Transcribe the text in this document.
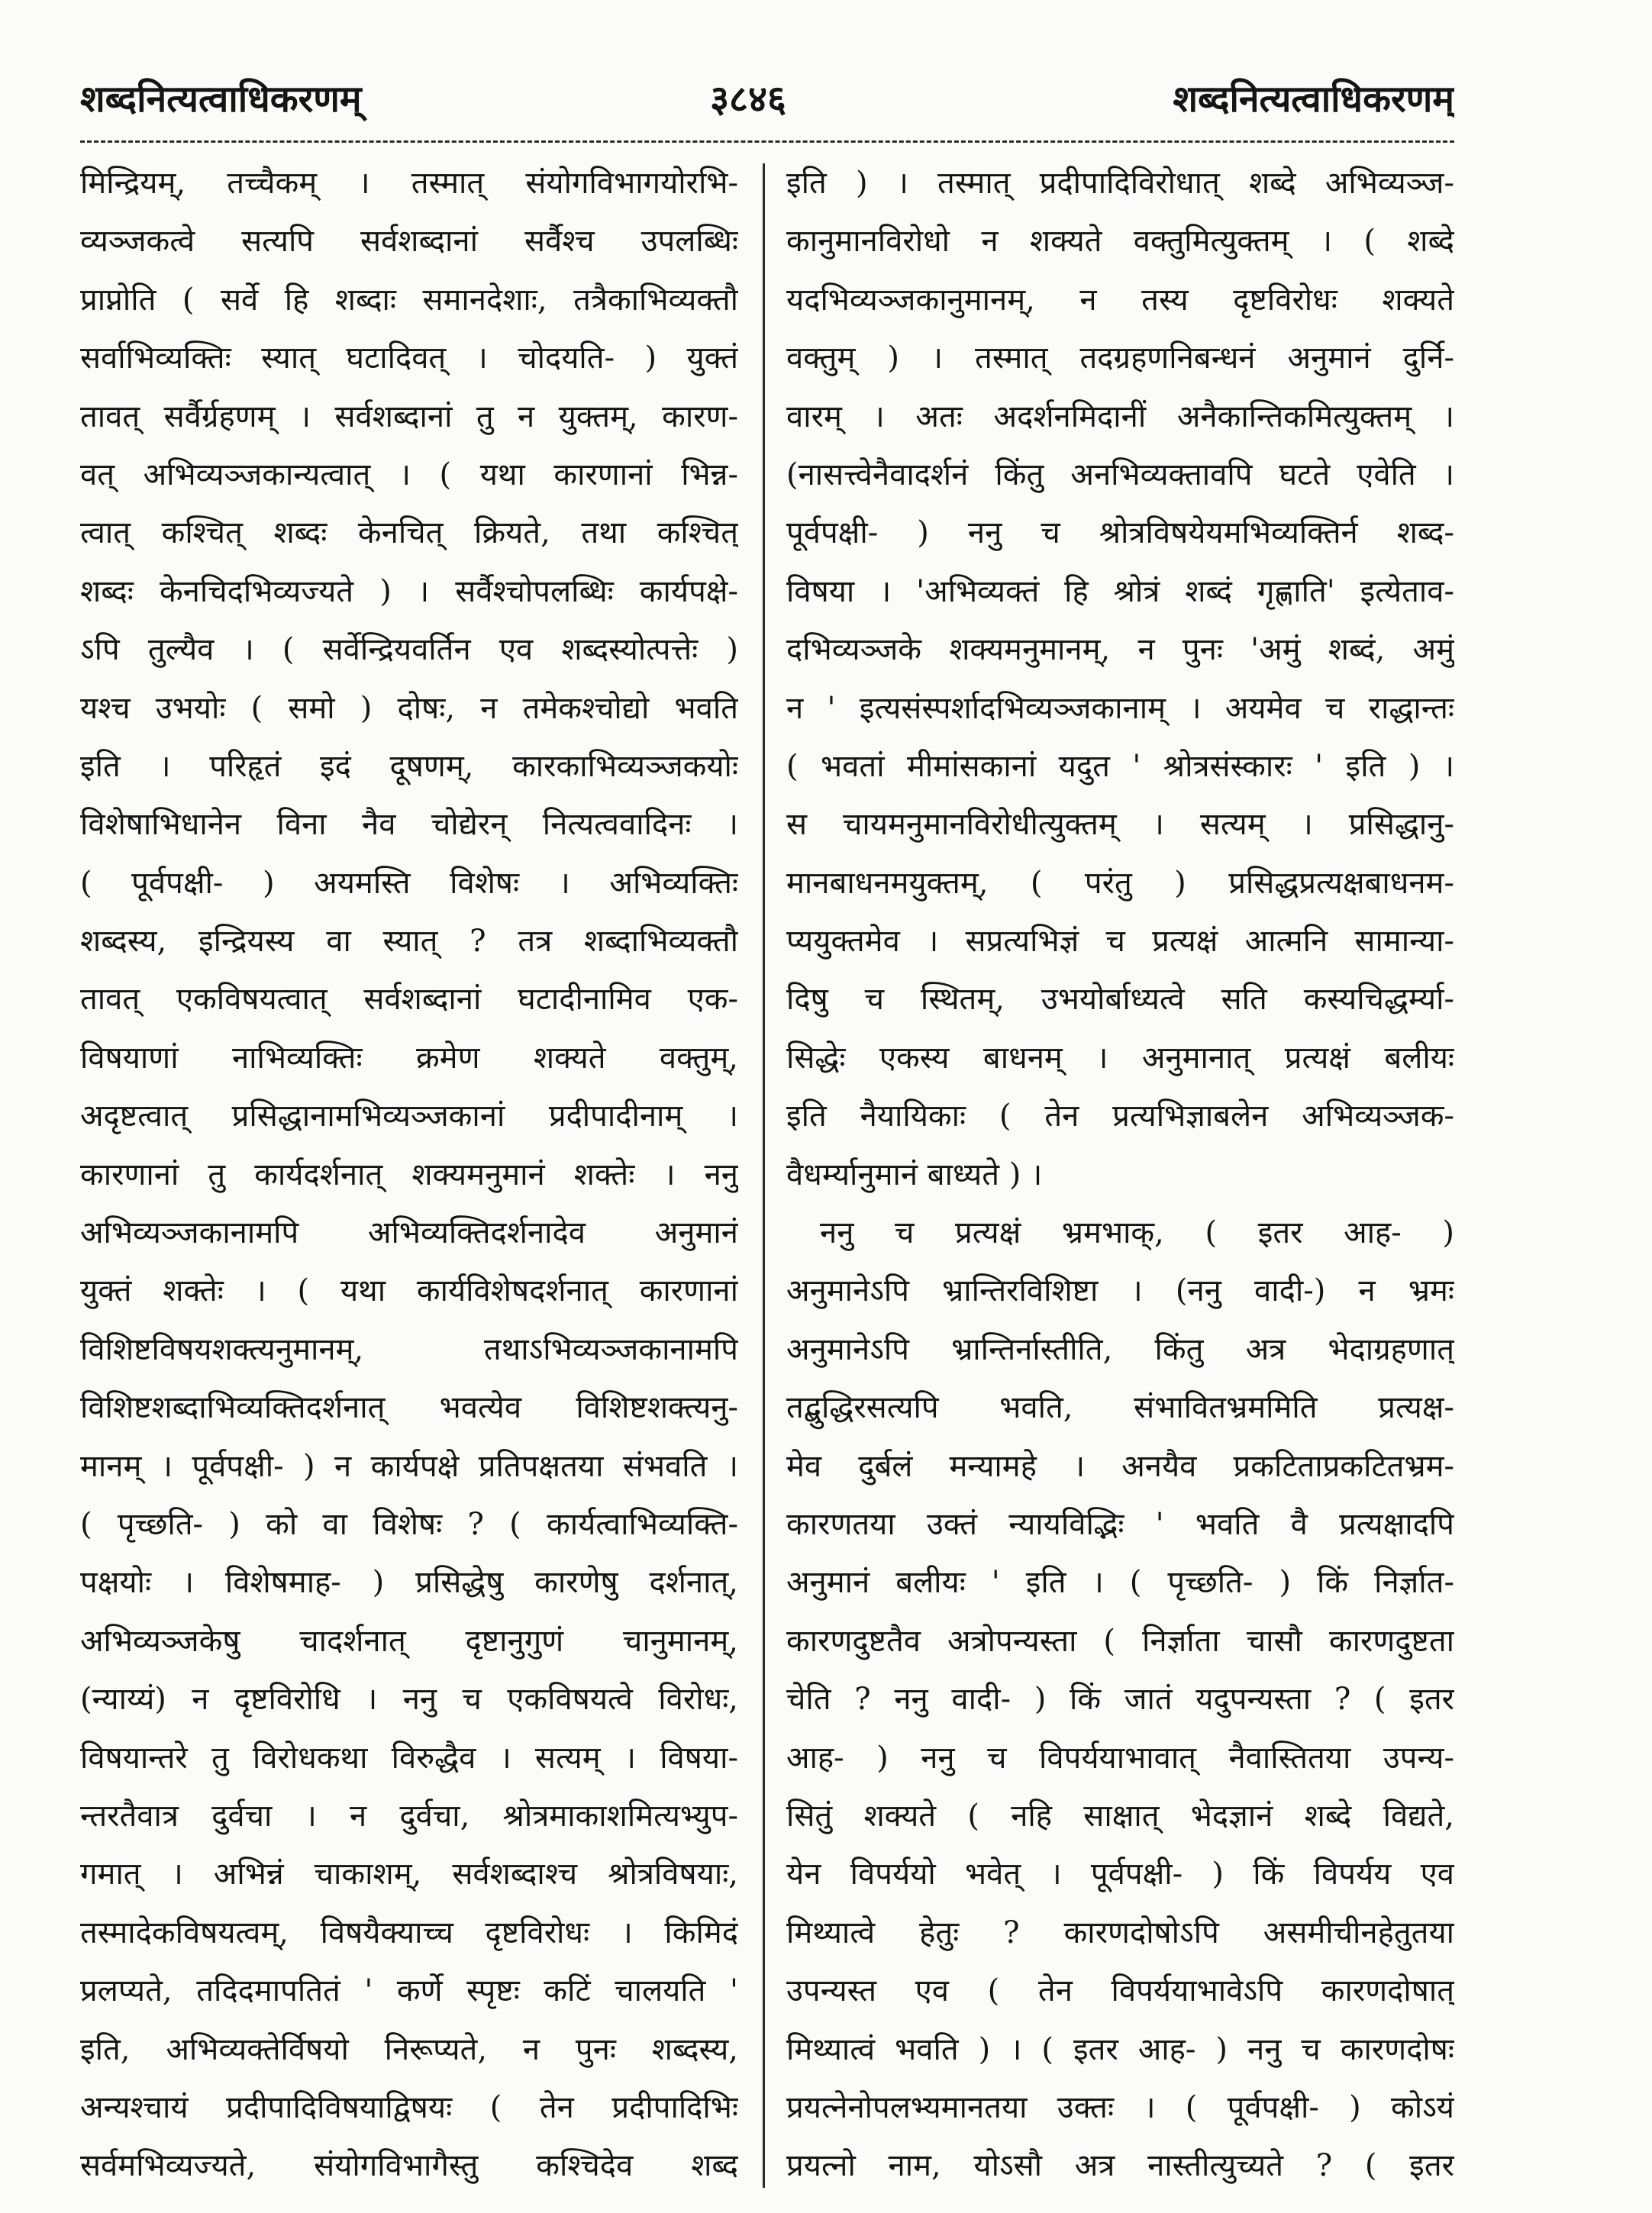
शब्दनित्यत्वाधिकरणम्	३८४६	शब्दनित्यत्वाधिकरणम्
मिन्द्रियम्, तच्चैकम् । तस्मात् संयोगविभागयोरभि-
व्यञ्जकत्वे सत्यपि सर्वशब्दानां सर्वैश्च उपलब्धिः
प्राप्नोति ( सर्वे हि शब्दाः समानदेशाः, तत्रैकाभिव्यक्तौ
सर्वाभिव्यक्तिः स्यात् घटादिवत् । चोदयति- ) युक्तं
तावत् सर्वैर्ग्रहणम् । सर्वशब्दानां तु न युक्तम्, कारण-
वत् अभिव्यञ्जकान्यत्वात् । ( यथा कारणानां भिन्न-
त्वात् कश्चित् शब्दः केनचित् क्रियते, तथा कश्चित्
शब्दः केनचिदभिव्यज्यते ) । सर्वैश्चोपलब्धिः कार्यपक्षे-
ऽपि तुल्यैव । ( सर्वेन्द्रियवर्तिन एव शब्दस्योत्पत्तेः )
यश्च उभयोः ( समो ) दोषः, न तमेकश्चोद्यो भवति
इति । परिहृतं इदं दूषणम्, कारकाभिव्यञ्जकयोः
विशेषाभिधानेन विना नैव चोद्येरन् नित्यत्ववादिनः ।
( पूर्वपक्षी- ) अयमस्ति विशेषः । अभिव्यक्तिः
शब्दस्य, इन्द्रियस्य वा स्यात् ? तत्र शब्दाभिव्यक्तौ
तावत् एकविषयत्वात् सर्वशब्दानां घटादीनामिव एक-
विषयाणां नाभिव्यक्तिः क्रमेण शक्यते वक्तुम्,
अदृष्टत्वात् प्रसिद्धानामभिव्यञ्जकानां प्रदीपादीनाम् ।
कारणानां तु कार्यदर्शनात् शक्यमनुमानं शक्तेः । ननु
अभिव्यञ्जकानामपि अभिव्यक्तिदर्शनादेव अनुमानं
युक्तं शक्तेः । ( यथा कार्यविशेषदर्शनात् कारणानां
विशिष्टविषयशक्त्यनुमानम्, तथाऽभिव्यञ्जकानामपि
विशिष्टशब्दाभिव्यक्तिदर्शनात् भवत्येव विशिष्टशक्त्यनु-
मानम् । पूर्वपक्षी- ) न कार्यपक्षे प्रतिपक्षतया संभवति ।
( पृच्छति- ) को वा विशेषः ? ( कार्यत्वाभिव्यक्ति-
पक्षयोः । विशेषमाह- ) प्रसिद्धेषु कारणेषु दर्शनात्,
अभिव्यञ्जकेषु चादर्शनात् दृष्टानुगुणं चानुमानम्,
(न्याय्यं) न दृष्टविरोधि । ननु च एकविषयत्वे विरोधः,
विषयान्तरे तु विरोधकथा विरुद्धैव । सत्यम् । विषया-
न्तरतैवात्र दुर्वचा । न दुर्वचा, श्रोत्रमाकाशमित्यभ्युप-
गमात् । अभिन्नं चाकाशम्, सर्वशब्दाश्च श्रोत्रविषयाः,
तस्मादेकविषयत्वम्, विषयैक्याच्च दृष्टविरोधः । किमिदं
प्रलप्यते, तदिदमापतितं ' कर्णे स्पृष्टः कटिं चालयति '
इति, अभिव्यक्तेर्विषयो निरूप्यते, न पुनः शब्दस्य,
अन्यश्चायं प्रदीपादिविषयाद्विषयः ( तेन प्रदीपादिभिः
सर्वमभिव्यज्यते, संयोगविभागैस्तु कश्चिदेव शब्द
इति ) । तस्मात् प्रदीपादिविरोधात् शब्दे अभिव्यञ्ज-
कानुमानविरोधो न शक्यते वक्तुमित्युक्तम् । ( शब्दे
यदभिव्यञ्जकानुमानम्, न तस्य दृष्टविरोधः शक्यते
वक्तुम् ) । तस्मात् तदग्रहणनिबन्धनं अनुमानं दुर्नि-
वारम् । अतः अदर्शनमिदानीं अनैकान्तिकमित्युक्तम् ।
(नासत्त्वेनैवादर्शनं किंतु अनभिव्यक्तावपि घटते एवेति ।
पूर्वपक्षी- ) ननु च श्रोत्रविषयेयमभिव्यक्तिर्न शब्द-
विषया । 'अभिव्यक्तं हि श्रोत्रं शब्दं गृह्णाति' इत्येताव-
दभिव्यञ्जके शक्यमनुमानम्, न पुनः 'अमुं शब्दं, अमुं
न ' इत्यसंस्पर्शादभिव्यञ्जकानाम् । अयमेव च राद्धान्तः
( भवतां मीमांसकानां यदुत ' श्रोत्रसंस्कारः ' इति ) ।
स चायमनुमानविरोधीत्युक्तम् । सत्यम् । प्रसिद्धानु-
मानबाधनमयुक्तम्, ( परंतु ) प्रसिद्धप्रत्यक्षबाधनम-
प्ययुक्तमेव । सप्रत्यभिज्ञं च प्रत्यक्षं आत्मनि सामान्या-
दिषु च स्थितम्, उभयोर्बाध्यत्वे सति कस्यचिद्धर्म्या-
सिद्धेः एकस्य बाधनम् । अनुमानात् प्रत्यक्षं बलीयः
इति नैयायिकाः ( तेन प्रत्यभिज्ञाबलेन अभिव्यञ्जक-
वैधर्म्यानुमानं बाध्यते ) ।
ननु च प्रत्यक्षं भ्रमभाक्, ( इतर आह- )
अनुमानेऽपि भ्रान्तिरविशिष्टा । (ननु वादी-) न भ्रमः
अनुमानेऽपि भ्रान्तिर्नास्तीति, किंतु अत्र भेदाग्रहणात्
तद्बुद्धिरसत्यपि भवति, संभावितभ्रममिति प्रत्यक्ष-
मेव दुर्बलं मन्यामहे । अनयैव प्रकटिताप्रकटितभ्रम-
कारणतया उक्तं न्यायविद्भिः ' भवति वै प्रत्यक्षादपि
अनुमानं बलीयः ' इति । ( पृच्छति- ) किं निर्ज्ञात-
कारणदुष्टतैव अत्रोपन्यस्ता ( निर्ज्ञाता चासौ कारणदुष्टता
चेति ? ननु वादी- ) किं जातं यदुपन्यस्ता ? ( इतर
आह- ) ननु च विपर्ययाभावात् नैवास्तितया उपन्य-
सितुं शक्यते ( नहि साक्षात् भेदज्ञानं शब्दे विद्यते,
येन विपर्ययो भवेत् । पूर्वपक्षी- ) किं विपर्यय एव
मिथ्यात्वे हेतुः ? कारणदोषोऽपि असमीचीनहेतुतया
उपन्यस्त एव ( तेन विपर्ययाभावेऽपि कारणदोषात्
मिथ्यात्वं भवति ) । ( इतर आह- ) ननु च कारणदोषः
प्रयत्नेनोपलभ्यमानतया उक्तः । ( पूर्वपक्षी- ) कोऽयं
प्रयत्नो नाम, योऽसौ अत्र नास्तीत्युच्यते ? ( इतर
